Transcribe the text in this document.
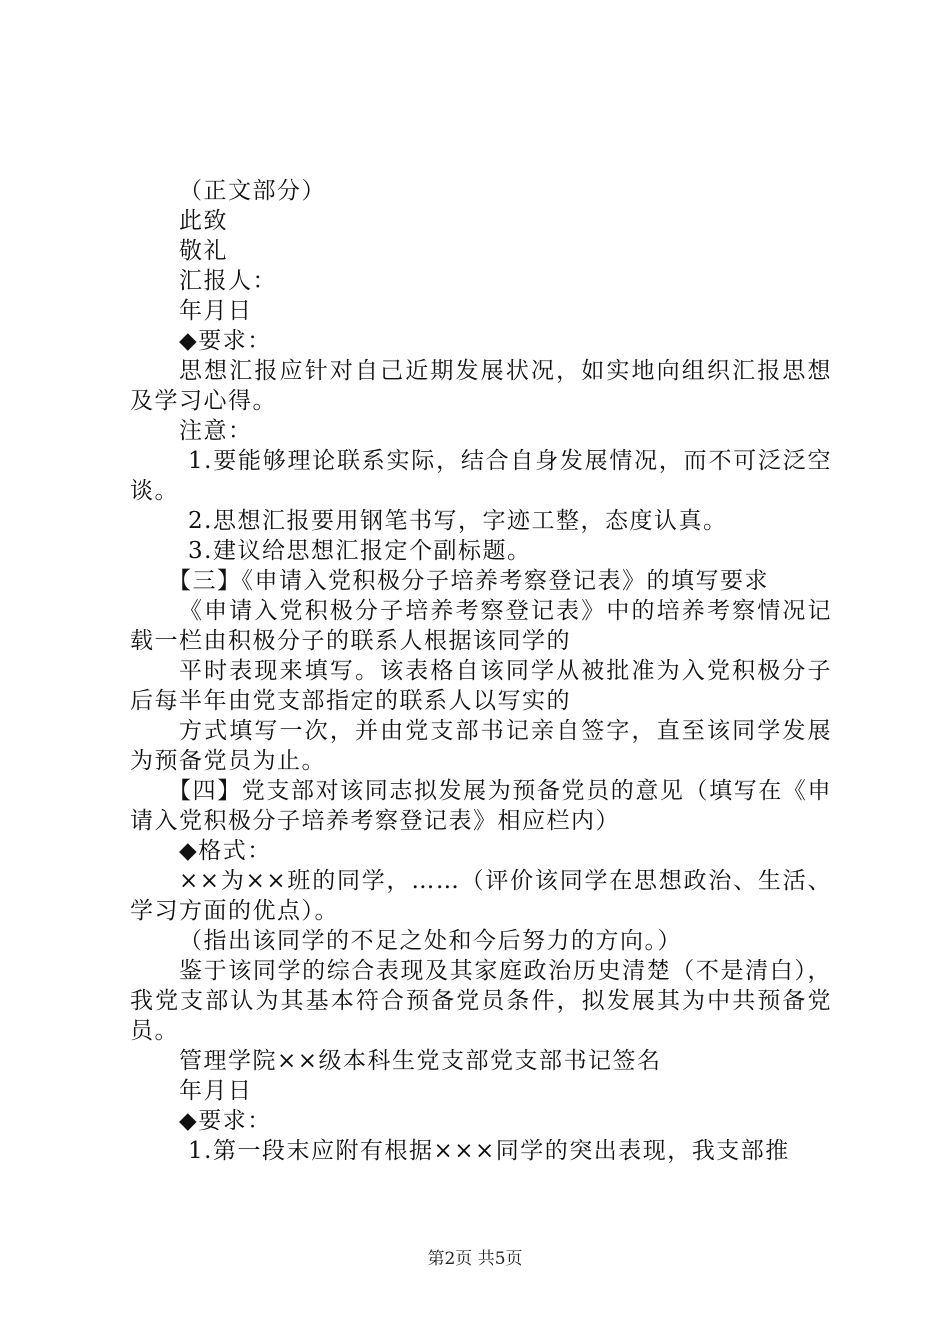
（正文部分）

此致

敬礼

汇报人：

年月日

◆要求：

思想汇报应针对自己近期发展状况，如实地向组织汇报思想及学习心得。

注意：

1.要能够理论联系实际，结合自身发展情况，而不可泛泛空谈。

2.思想汇报要用钢笔书写，字迹工整，态度认真。

3.建议给思想汇报定个副标题。

【三】《申请入党积极分子培养考察登记表》的填写要求

《申请入党积极分子培养考察登记表》中的培养考察情况记载一栏由积极分子的联系人根据该同学的

平时表现来填写。该表格自该同学从被批准为入党积极分子后每半年由党支部指定的联系人以写实的

方式填写一次，并由党支部书记亲自签字，直至该同学发展为预备党员为止。

【四】党支部对该同志拟发展为预备党员的意见（填写在《申请入党积极分子培养考察登记表》相应栏内）

◆格式：

××为××班的同学，……（评价该同学在思想政治、生活、学习方面的优点）。

（指出该同学的不足之处和今后努力的方向。）

鉴于该同学的综合表现及其家庭政治历史清楚（不是清白），我党支部认为其基本符合预备党员条件，拟发展其为中共预备党员。

管理学院××级本科生党支部党支部书记签名

年月日

◆要求：

1.第一段末应附有根据×××同学的突出表现，我支部推

第2页 共5页
